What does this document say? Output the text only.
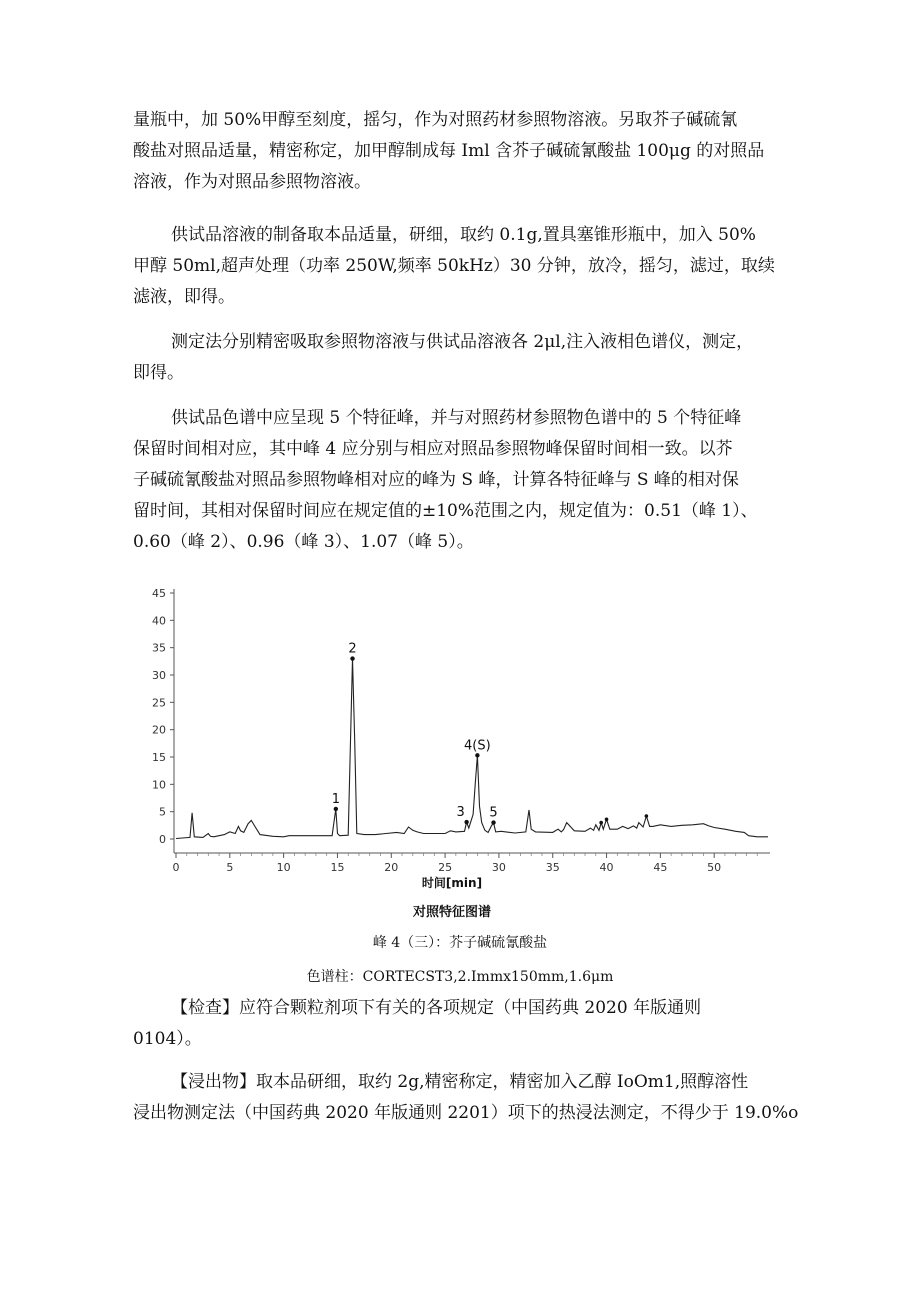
量瓶中，加 50%甲醇至刻度，摇匀，作为对照药材参照物溶液。另取芥子碱硫氰
酸盐对照品适量，精密称定，加甲醇制成每 Iml 含芥子碱硫氰酸盐 100μg 的对照品
溶液，作为对照品参照物溶液。

供试品溶液的制备取本品适量，研细，取约 0.1g,置具塞锥形瓶中，加入 50%
甲醇 50ml,超声处理（功率 250W,频率 50kHz）30 分钟，放冷，摇匀，滤过，取续
滤液，即得。

测定法分别精密吸取参照物溶液与供试品溶液各 2μl,注入液相色谱仪，测定，
即得。

供试品色谱中应呈现 5 个特征峰，并与对照药材参照物色谱中的 5 个特征峰
保留时间相对应，其中峰 4 应分别与相应对照品参照物峰保留时间相一致。以芥
子碱硫氰酸盐对照品参照物峰相对应的峰为 S 峰，计算各特征峰与 S 峰的相对保
留时间，其相对保留时间应在规定值的±10%范围之内，规定值为：0.51（峰 1）、
0.60（峰 2）、0.96（峰 3）、1.07（峰 5）。

0
5
10
15
20
25
30
35
40
45
0	5	10	15	20	25	30	35	40	45	50
1
2
3
4(S)
5
时间[min]
对照特征图谱
峰 4（三）：芥子碱硫氰酸盐
色谱柱：CORTECST3,2.Immx150mm,1.6μm

【检查】应符合颗粒剂项下有关的各项规定（中国药典 2020 年版通则
0104）。

【浸出物】取本品研细，取约 2g,精密称定，精密加入乙醇 IoOm1,照醇溶性
浸出物测定法（中国药典 2020 年版通则 2201）项下的热浸法测定，不得少于 19.0%o
